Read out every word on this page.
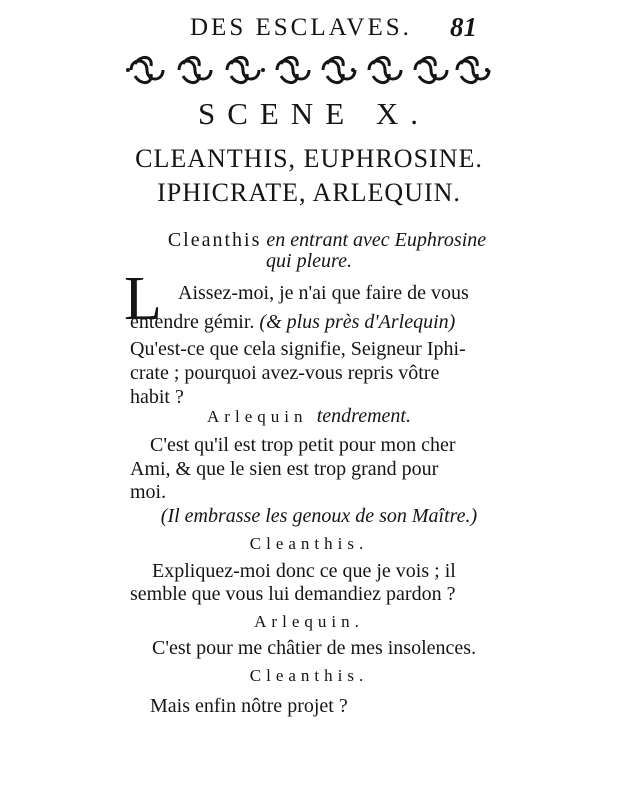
DES ESCLAVES. 81
SCENE X.
CLEANTHIS, EUPHROSINE.
IPHICRATE, ARLEQUIN.
Cleanthis en entrant avec Euphrosine
qui pleure.
L Aissez-moi, je n'ai que faire de vous
entendre gémir. (& plus près d'Arlequin)
Qu'est-ce que cela signifie, Seigneur Iphi-
crate ; pourquoi avez-vous repris vôtre
habit ?
Arlequin tendrement.
C'est qu'il est trop petit pour mon cher
Ami, & que le sien est trop grand pour
moi.
(Il embrasse les genoux de son Maître.)
Cleanthis.
Expliquez-moi donc ce que je vois ; il
semble que vous lui demandiez pardon ?
Arlequin.
C'est pour me châtier de mes insolences.
Cleanthis.
Mais enfin nôtre projet ?
